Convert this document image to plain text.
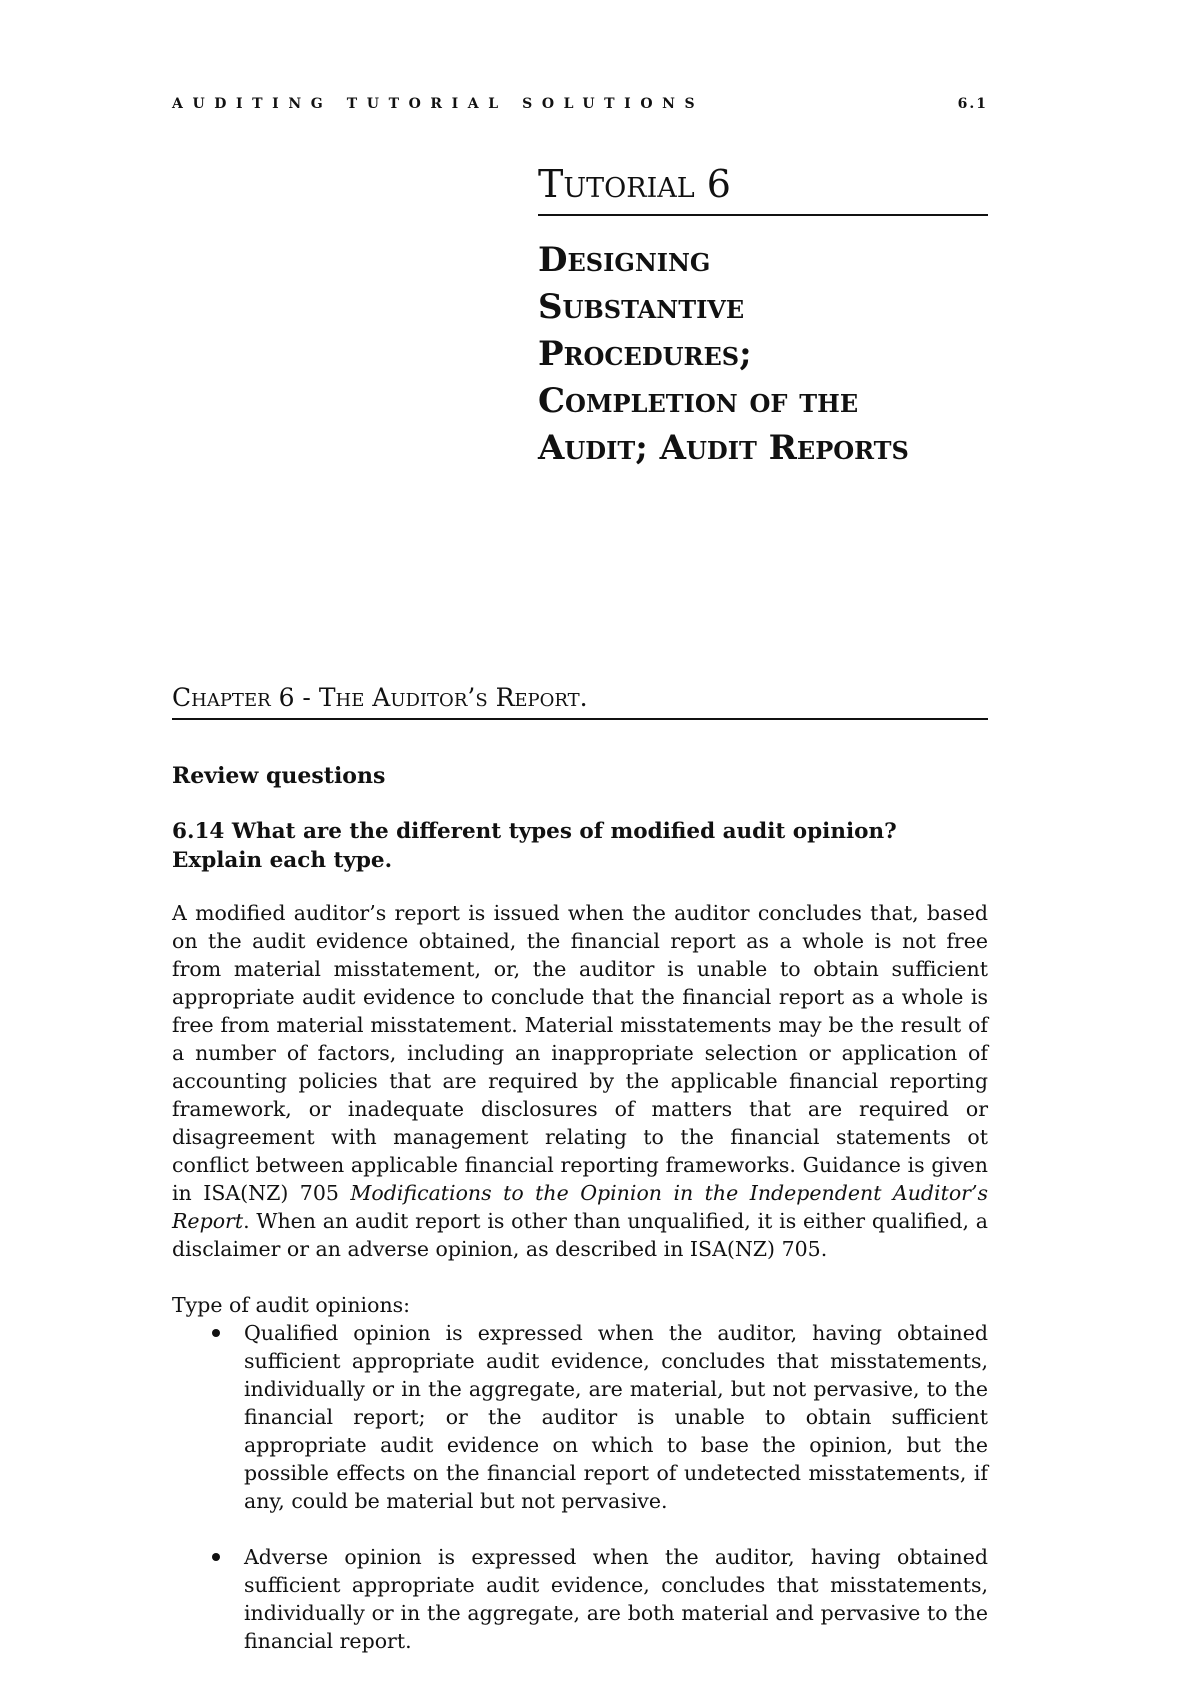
AUDITING TUTORIAL SOLUTIONS	6.1
Tutorial 6
Designing
Substantive
Procedures;
Completion of the
Audit; Audit Reports
Chapter 6 - The Auditor’s Report.
Review questions
6.14 What are the different types of modified audit opinion? Explain each type.

A modified auditor’s report is issued when the auditor concludes that, based on the audit evidence obtained, the financial report as a whole is not free from material misstatement, or, the auditor is unable to obtain sufficient appropriate audit evidence to conclude that the financial report as a whole is free from material misstatement. Material misstatements may be the result of a number of factors, including an inappropriate selection or application of accounting policies that are required by the applicable financial reporting framework, or inadequate disclosures of matters that are required or disagreement with management relating to the financial statements ot conflict between applicable financial reporting frameworks. Guidance is given in ISA(NZ) 705 Modifications to the Opinion in the Independent Auditor’s Report. When an audit report is other than unqualified, it is either qualified, a disclaimer or an adverse opinion, as described in ISA(NZ) 705.

Type of audit opinions:
Qualified opinion is expressed when the auditor, having obtained sufficient appropriate audit evidence, concludes that misstatements, individually or in the aggregate, are material, but not pervasive, to the financial report; or the auditor is unable to obtain sufficient appropriate audit evidence on which to base the opinion, but the possible effects on the financial report of undetected misstatements, if any, could be material but not pervasive.
Adverse opinion is expressed when the auditor, having obtained sufficient appropriate audit evidence, concludes that misstatements, individually or in the aggregate, are both material and pervasive to the financial report.
